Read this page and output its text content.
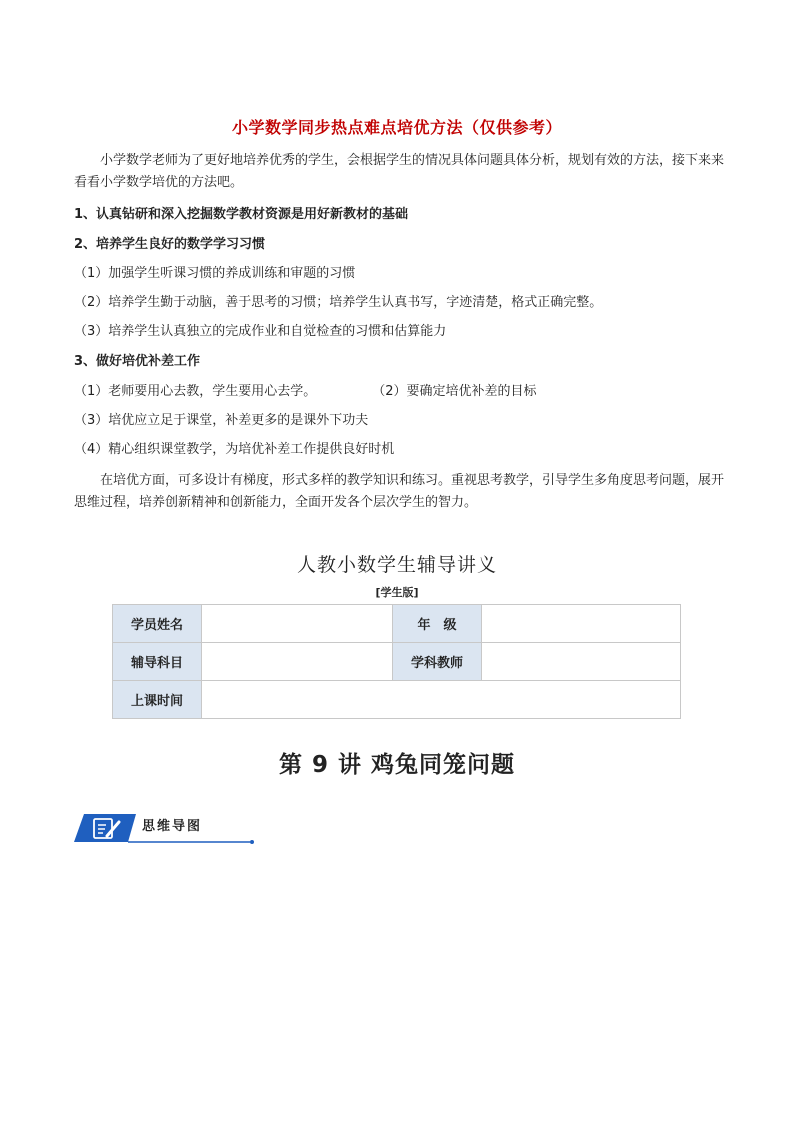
小学数学同步热点难点培优方法（仅供参考）

小学数学老师为了更好地培养优秀的学生，会根据学生的情况具体问题具体分析，规划有效的方法，接下来来看看小学数学培优的方法吧。

1、认真钻研和深入挖掘数学教材资源是用好新教材的基础
2、培养学生良好的数学学习习惯
（1）加强学生听课习惯的养成训练和审题的习惯
（2）培养学生勤于动脑，善于思考的习惯；培养学生认真书写，字迹清楚，格式正确完整。
（3）培养学生认真独立的完成作业和自觉检查的习惯和估算能力
3、做好培优补差工作
（1）老师要用心去教，学生要用心去学。	（2）要确定培优补差的目标
（3）培优应立足于课堂，补差更多的是课外下功夫
（4）精心组织课堂教学，为培优补差工作提供良好时机

在培优方面，可多设计有梯度，形式多样的教学知识和练习。重视思考教学，引导学生多角度思考问题，展开思维过程，培养创新精神和创新能力，全面开发各个层次学生的智力。

人教小数学生辅导讲义
[学生版]
学员姓名		年　级	
辅导科目		学科教师	
上课时间			
第 9 讲 鸡兔同笼问题
思维导图
